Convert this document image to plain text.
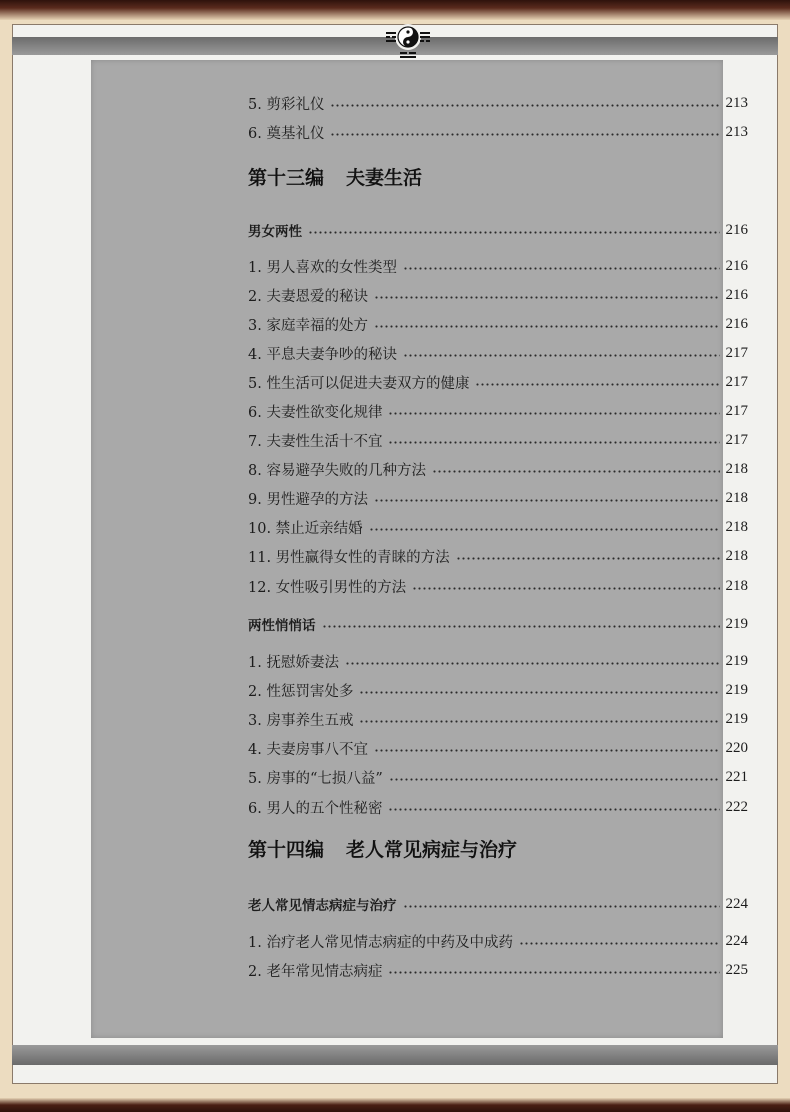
5. 剪彩礼仪	213
6. 奠基礼仪	213
第十三编 夫妻生活
男女两性	216
1. 男人喜欢的女性类型	216
2. 夫妻恩爱的秘诀	216
3. 家庭幸福的处方	216
4. 平息夫妻争吵的秘诀	217
5. 性生活可以促进夫妻双方的健康	217
6. 夫妻性欲变化规律	217
7. 夫妻性生活十不宜	217
8. 容易避孕失败的几种方法	218
9. 男性避孕的方法	218
10. 禁止近亲结婚	218
11. 男性赢得女性的青睐的方法	218
12. 女性吸引男性的方法	218
两性悄悄话	219
1. 抚慰娇妻法	219
2. 性惩罚害处多	219
3. 房事养生五戒	219
4. 夫妻房事八不宜	220
5. 房事的“七损八益”	221
6. 男人的五个性秘密	222
第十四编 老人常见病症与治疗
老人常见情志病症与治疗	224
1. 治疗老人常见情志病症的中药及中成药	224
2. 老年常见情志病症	225
